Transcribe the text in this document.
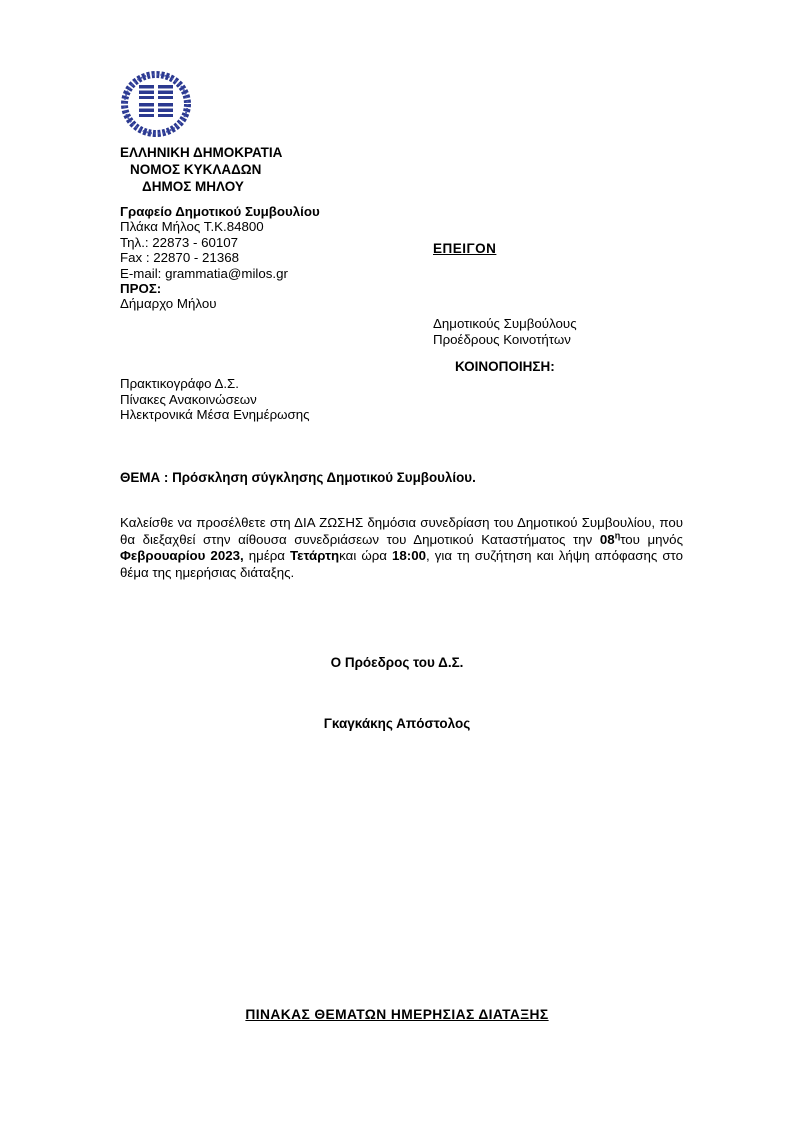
ΕΛΛΗΝΙΚΗ ΔΗΜΟΚΡΑΤΙΑ
ΝΟΜΟΣ ΚΥΚΛΑΔΩΝ
ΔΗΜΟΣ ΜΗΛΟΥ
Γραφείο Δημοτικού Συμβουλίου
Πλάκα Μήλος Τ.Κ.84800
Τηλ.: 22873 - 60107
Fax : 22870 - 21368
E-mail: grammatia@milos.gr
ΠΡΟΣ:
Δήμαρχο Μήλου
ΕΠΕΙΓΟΝ
Δημοτικούς Συμβούλους
Προέδρους Κοινοτήτων
ΚΟΙΝΟΠΟΙΗΣΗ:
Πρακτικογράφο Δ.Σ.
Πίνακες Ανακοινώσεων
Ηλεκτρονικά Μέσα Ενημέρωσης
ΘΕΜΑ : Πρόσκληση σύγκλησης Δημοτικού Συμβουλίου.
Καλείσθε να προσέλθετε στη ΔΙΑ ΖΩΣΗΣ δημόσια συνεδρίαση του Δημοτικού Συμβουλίου, που θα διεξαχθεί στην αίθουσα συνεδριάσεων του Δημοτικού Καταστήματος την $08^\eta\tau o\upsilon$ μηνός Φεβρουαρίου 2023, ημέρα Τετάρτηκαι ώρα 18:00, για τη συζήτηση και λήψη απόφασης στο θέμα της ημερήσιας διάταξης.
Ο Πρόεδρος του Δ.Σ.
Γκαγκάκης Απόστολος
ΠΙΝΑΚΑΣ ΘΕΜΑΤΩΝ ΗΜΕΡΗΣΙΑΣ ΔΙΑΤΑΞΗΣ
